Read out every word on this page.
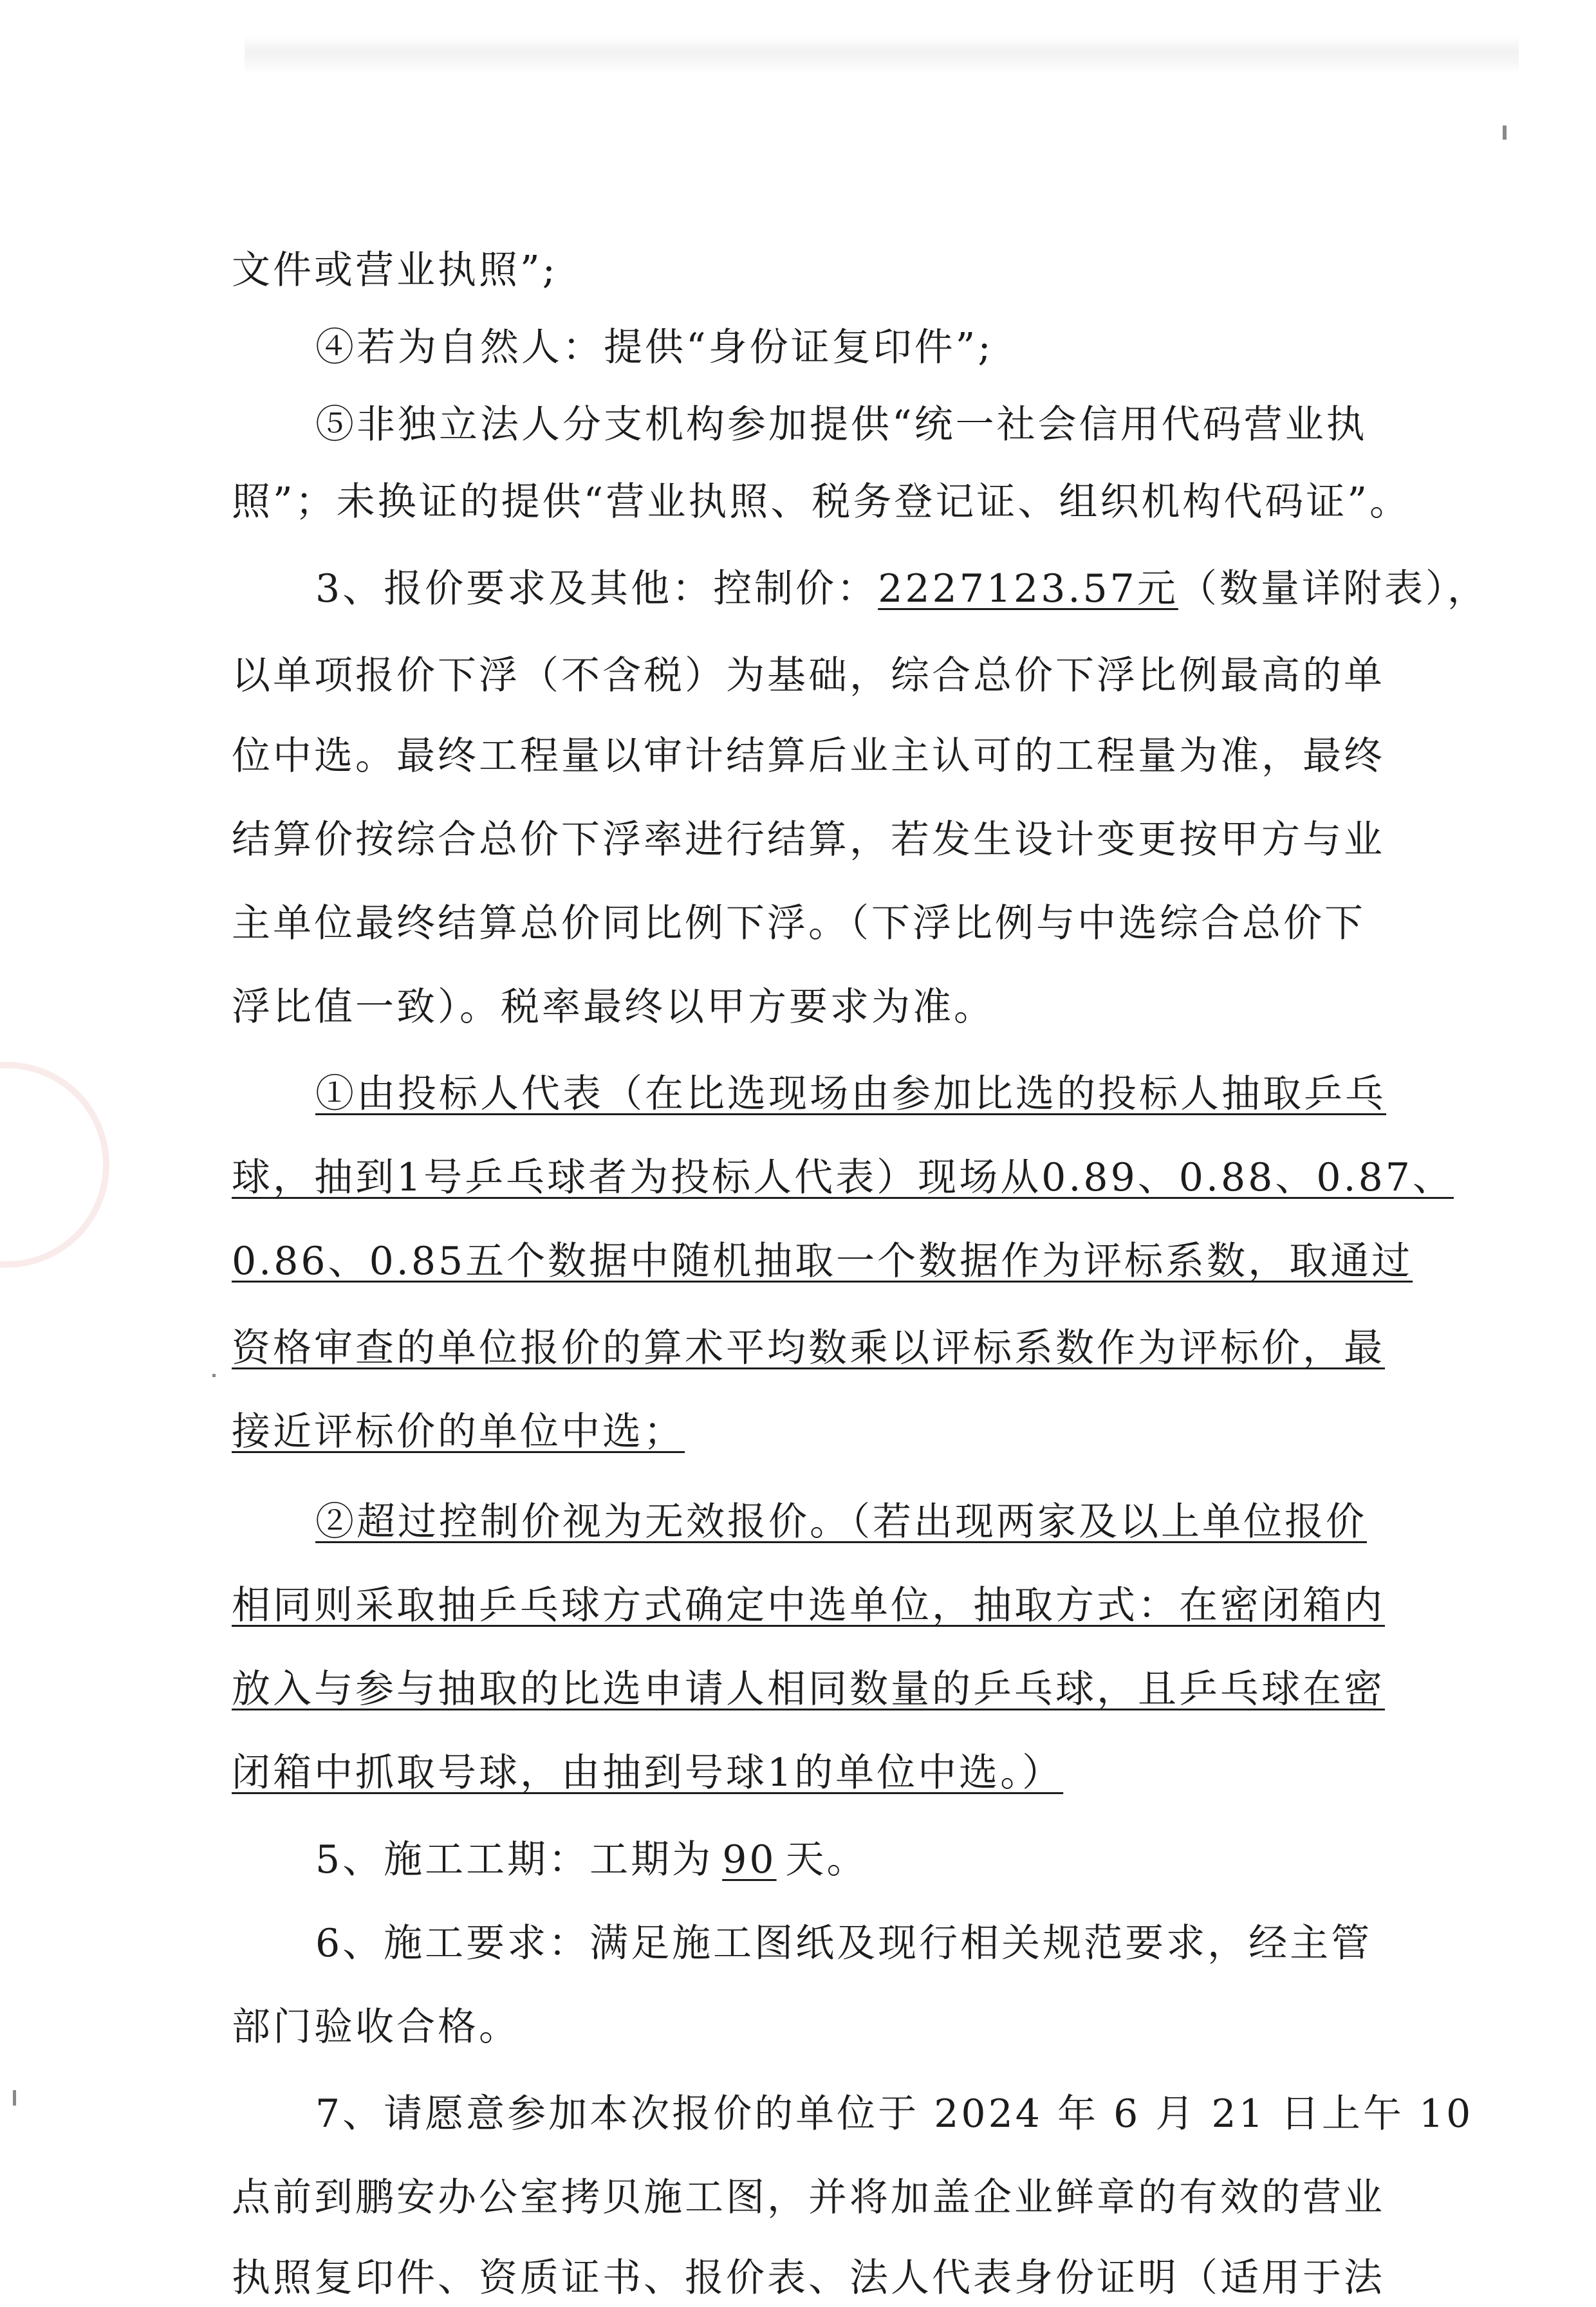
文件或营业执照”;
④若为自然人：提供“身份证复印件”;
⑤非独立法人分支机构参加提供“统一社会信用代码营业执
照”；未换证的提供“营业执照、税务登记证、组织机构代码证”。
3、报价要求及其他：控制价：2227123.57元（数量详附表），
以单项报价下浮（不含税）为基础，综合总价下浮比例最高的单
位中选。最终工程量以审计结算后业主认可的工程量为准，最终
结算价按综合总价下浮率进行结算，若发生设计变更按甲方与业
主单位最终结算总价同比例下浮。（下浮比例与中选综合总价下
浮比值一致）。税率最终以甲方要求为准。
①由投标人代表（在比选现场由参加比选的投标人抽取乒乓
球，抽到1号乒乓球者为投标人代表）现场从0.89、0.88、0.87、
0.86、0.85五个数据中随机抽取一个数据作为评标系数，取通过
资格审查的单位报价的算术平均数乘以评标系数作为评标价，最
接近评标价的单位中选；
②超过控制价视为无效报价。（若出现两家及以上单位报价
相同则采取抽乒乓球方式确定中选单位，抽取方式：在密闭箱内
放入与参与抽取的比选申请人相同数量的乒乓球，且乒乓球在密
闭箱中抓取号球，由抽到号球1的单位中选。）
5、施工工期：工期为 90 天。
6、施工要求：满足施工图纸及现行相关规范要求，经主管
部门验收合格。
7、请愿意参加本次报价的单位于 2024 年 6 月 21 日上午 10
点前到鹏安办公室拷贝施工图，并将加盖企业鲜章的有效的营业
执照复印件、资质证书、报价表、法人代表身份证明（适用于法
